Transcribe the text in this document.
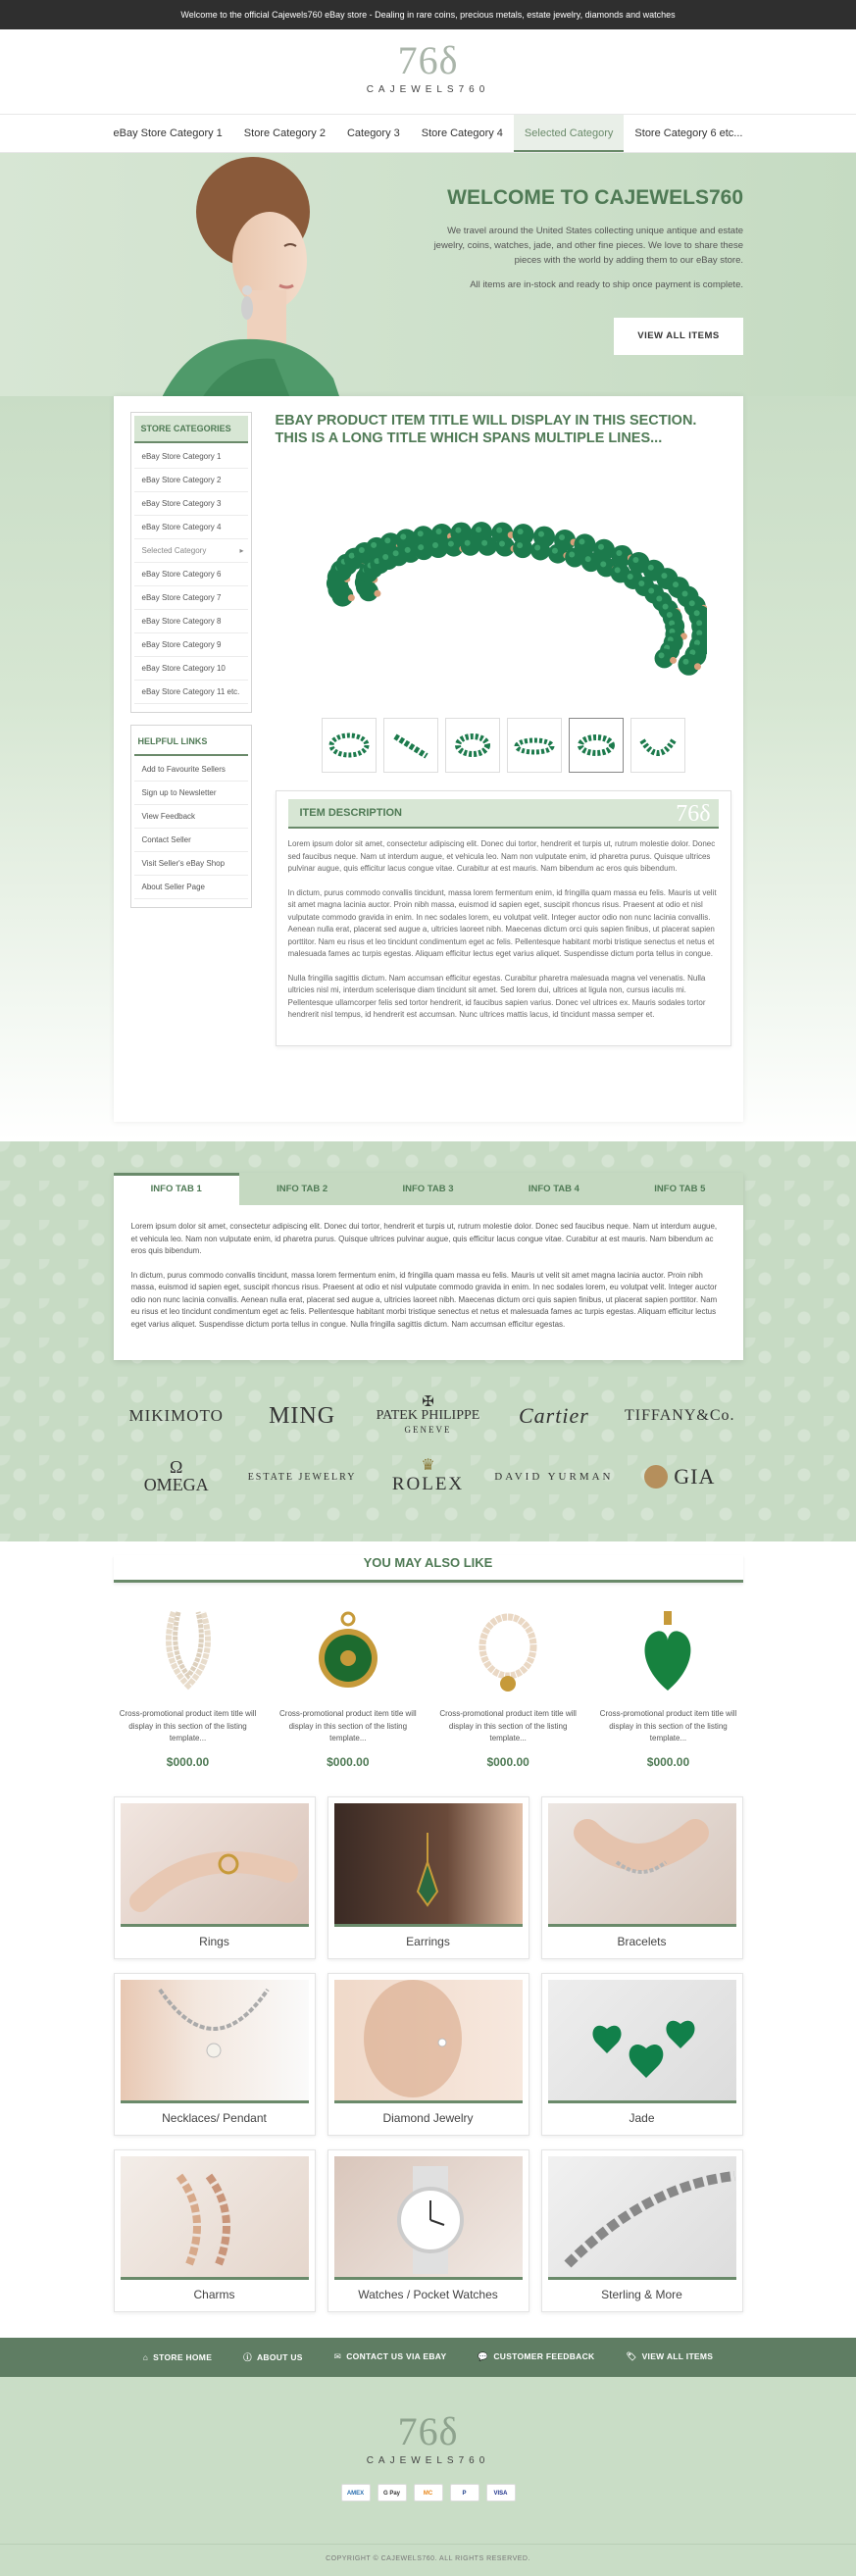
Welcome to the official Cajewels760 eBay store - Dealing in rare coins, precious metals, estate jewelry, diamonds and watches
76δ
CAJEWELS760
eBay Store Category 1	Store Category 2	Category 3	Store Category 4	Selected Category	Store Category 6 etc...
WELCOME TO CAJEWELS760

We travel around the United States collecting unique antique and estate jewelry, coins, watches, jade, and other fine pieces. We love to share these pieces with the world by adding them to our eBay store.

All items are in-stock and ready to ship once payment is complete.

VIEW ALL ITEMS
STORE CATEGORIES
eBay Store Category 1
eBay Store Category 2
eBay Store Category 3
eBay Store Category 4
Selected Category ▸
eBay Store Category 6
eBay Store Category 7
eBay Store Category 8
eBay Store Category 9
eBay Store Category 10
eBay Store Category 11 etc.
HELPFUL LINKS
Add to Favourite Sellers
Sign up to Newsletter
View Feedback
Contact Seller
Visit Seller's eBay Shop
About Seller Page
EBAY PRODUCT ITEM TITLE WILL DISPLAY IN THIS SECTION. THIS IS A LONG TITLE WHICH SPANS MULTIPLE LINES...
ITEM DESCRIPTION	76δ

Lorem ipsum dolor sit amet, consectetur adipiscing elit. Donec dui tortor, hendrerit et turpis ut, rutrum molestie dolor. Donec sed faucibus neque. Nam ut interdum augue, et vehicula leo. Nam non vulputate enim, id pharetra purus. Quisque ultrices pulvinar augue, quis efficitur lacus congue vitae. Curabitur at est mauris. Nam bibendum ac eros quis bibendum.

In dictum, purus commodo convallis tincidunt, massa lorem fermentum enim, id fringilla quam massa eu felis. Mauris ut velit sit amet magna lacinia auctor. Proin nibh massa, euismod id sapien eget, suscipit rhoncus risus. Praesent at odio et nisl vulputate commodo gravida in enim. In nec sodales lorem, eu volutpat velit. Integer auctor odio non nunc lacinia convallis. Aenean nulla erat, placerat sed augue a, ultricies laoreet nibh. Maecenas dictum orci quis sapien finibus, ut placerat sapien porttitor. Nam eu risus et leo tincidunt condimentum eget ac felis. Pellentesque habitant morbi tristique senectus et netus et malesuada fames ac turpis egestas. Aliquam efficitur lectus eget varius aliquet. Suspendisse dictum porta tellus in congue.

Nulla fringilla sagittis dictum. Nam accumsan efficitur egestas. Curabitur pharetra malesuada magna vel venenatis. Nulla ultricies nisl mi, interdum scelerisque diam tincidunt sit amet. Sed lorem dui, ultrices at ligula non, cursus iaculis mi. Pellentesque ullamcorper felis sed tortor hendrerit, id faucibus sapien varius. Donec vel ultrices ex. Mauris sodales tortor hendrerit nisl tempus, id hendrerit est accumsan. Nunc ultrices mattis lacus, id tincidunt massa semper et.

INFO TAB 1	INFO TAB 2	INFO TAB 3	INFO TAB 4	INFO TAB 5

Lorem ipsum dolor sit amet, consectetur adipiscing elit. Donec dui tortor, hendrerit et turpis ut, rutrum molestie dolor. Donec sed faucibus neque. Nam ut interdum augue, et vehicula leo. Nam non vulputate enim, id pharetra purus. Quisque ultrices pulvinar augue, quis efficitur lacus congue vitae. Curabitur at est mauris. Nam bibendum ac eros quis bibendum.

In dictum, purus commodo convallis tincidunt, massa lorem fermentum enim, id fringilla quam massa eu felis. Mauris ut velit sit amet magna lacinia auctor. Proin nibh massa, euismod id sapien eget, suscipit rhoncus risus. Praesent at odio et nisl vulputate commodo gravida in enim. In nec sodales lorem, eu volutpat velit. Integer auctor odio non nunc lacinia convallis. Aenean nulla erat, placerat sed augue a, ultricies laoreet nibh. Maecenas dictum orci quis sapien finibus, ut placerat sapien porttitor. Nam eu risus et leo tincidunt condimentum eget ac felis. Pellentesque habitant morbi tristique senectus et netus et malesuada fames ac turpis egestas. Aliquam efficitur lectus eget varius aliquet. Suspendisse dictum porta tellus in congue. Nulla fringilla sagittis dictum. Nam accumsan efficitur egestas.

MIKIMOTO	MING
✠
PATEK PHILIPPE
GENEVE
Cartier	TIFFANY&Co.
Ω
OMEGA	ESTATE JEWELRY
♛
ROLEX	DAVID YURMAN	GIA
YOU MAY ALSO LIKE

Cross-promotional product item title will display in this section of the listing template...

$000.00

Cross-promotional product item title will display in this section of the listing template...

$000.00

Cross-promotional product item title will display in this section of the listing template...

$000.00

Cross-promotional product item title will display in this section of the listing template...

$000.00
Rings	Earrings	Bracelets
Necklaces/ Pendant	Diamond Jewelry	Jade
Charms	Watches / Pocket Watches	Sterling & More
⌂ STORE HOME	ⓘ ABOUT US	✉ CONTACT US VIA EBAY	💬 CUSTOMER FEEDBACK	🏷 VIEW ALL ITEMS
76δ
CAJEWELS760
AMEX	G Pay	MC	P	VISA
COPYRIGHT © CAJEWELS760. ALL RIGHTS RESERVED.
